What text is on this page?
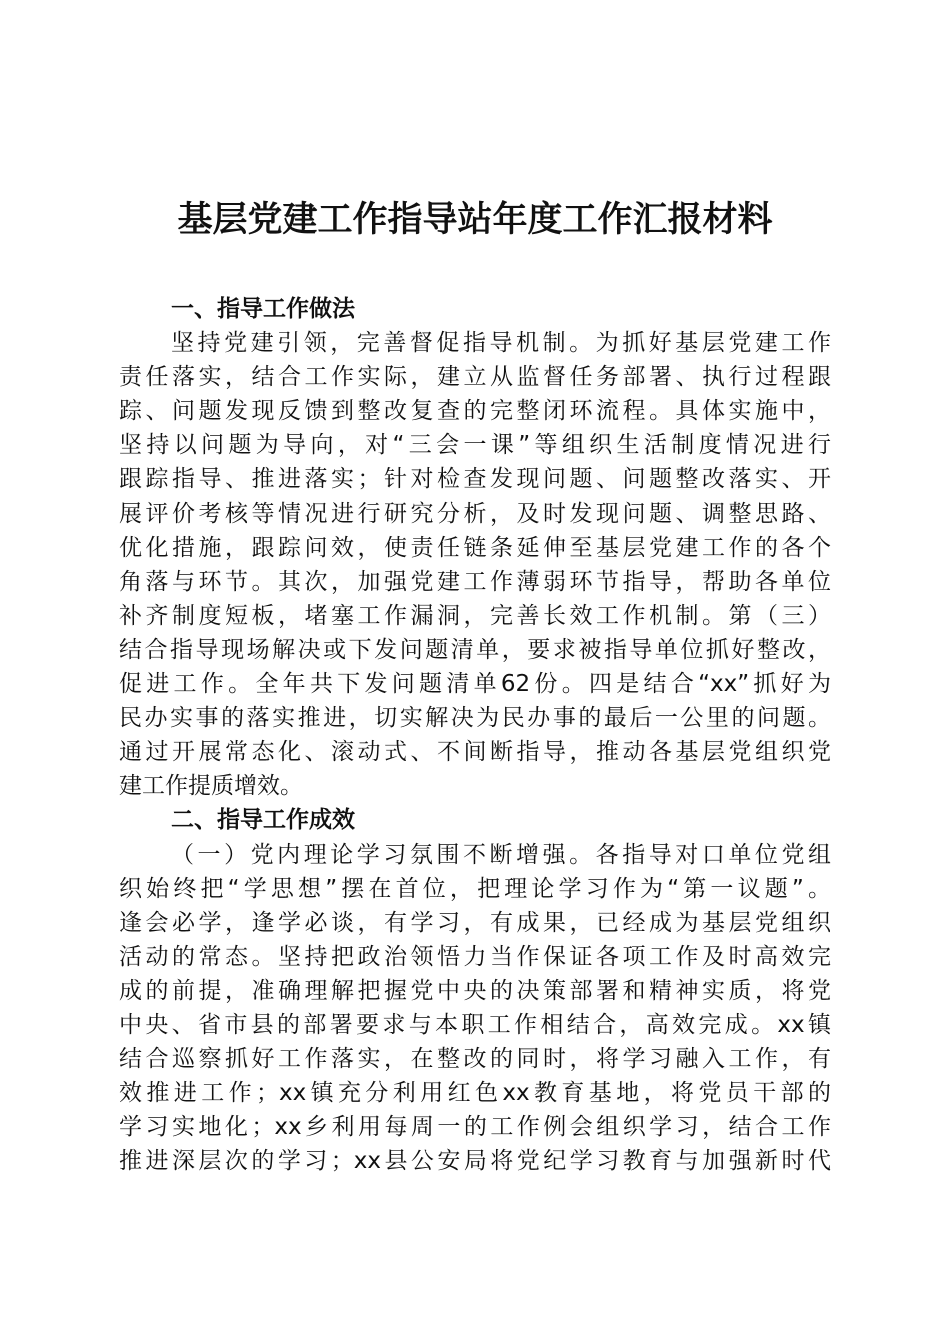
基层党建工作指导站年度工作汇报材料
一、指导工作做法

坚持党建引领，完善督促指导机制。为抓好基层党建工作
责任落实，结合工作实际，建立从监督任务部署、执行过程跟
踪、问题发现反馈到整改复查的完整闭环流程。具体实施中，
坚持以问题为导向，对“三会一课”等组织生活制度情况进行
跟踪指导、推进落实；针对检查发现问题、问题整改落实、开
展评价考核等情况进行研究分析，及时发现问题、调整思路、
优化措施，跟踪问效，使责任链条延伸至基层党建工作的各个
角落与环节。其次，加强党建工作薄弱环节指导，帮助各单位
补齐制度短板，堵塞工作漏洞，完善长效工作机制。第（三）
结合指导现场解决或下发问题清单，要求被指导单位抓好整改，
促进工作。全年共下发问题清单62份。四是结合“xx”抓好为
民办实事的落实推进，切实解决为民办事的最后一公里的问题。
通过开展常态化、滚动式、不间断指导，推动各基层党组织党
建工作提质增效。

二、指导工作成效

（一）党内理论学习氛围不断增强。各指导对口单位党组
织始终把“学思想”摆在首位，把理论学习作为“第一议题”。
逢会必学，逢学必谈，有学习，有成果，已经成为基层党组织
活动的常态。坚持把政治领悟力当作保证各项工作及时高效完
成的前提，准确理解把握党中央的决策部署和精神实质，将党
中央、省市县的部署要求与本职工作相结合，高效完成。xx镇
结合巡察抓好工作落实，在整改的同时，将学习融入工作，有
效推进工作；xx镇充分利用红色xx教育基地，将党员干部的
学习实地化；xx乡利用每周一的工作例会组织学习，结合工作
推进深层次的学习；xx县公安局将党纪学习教育与加强新时代
